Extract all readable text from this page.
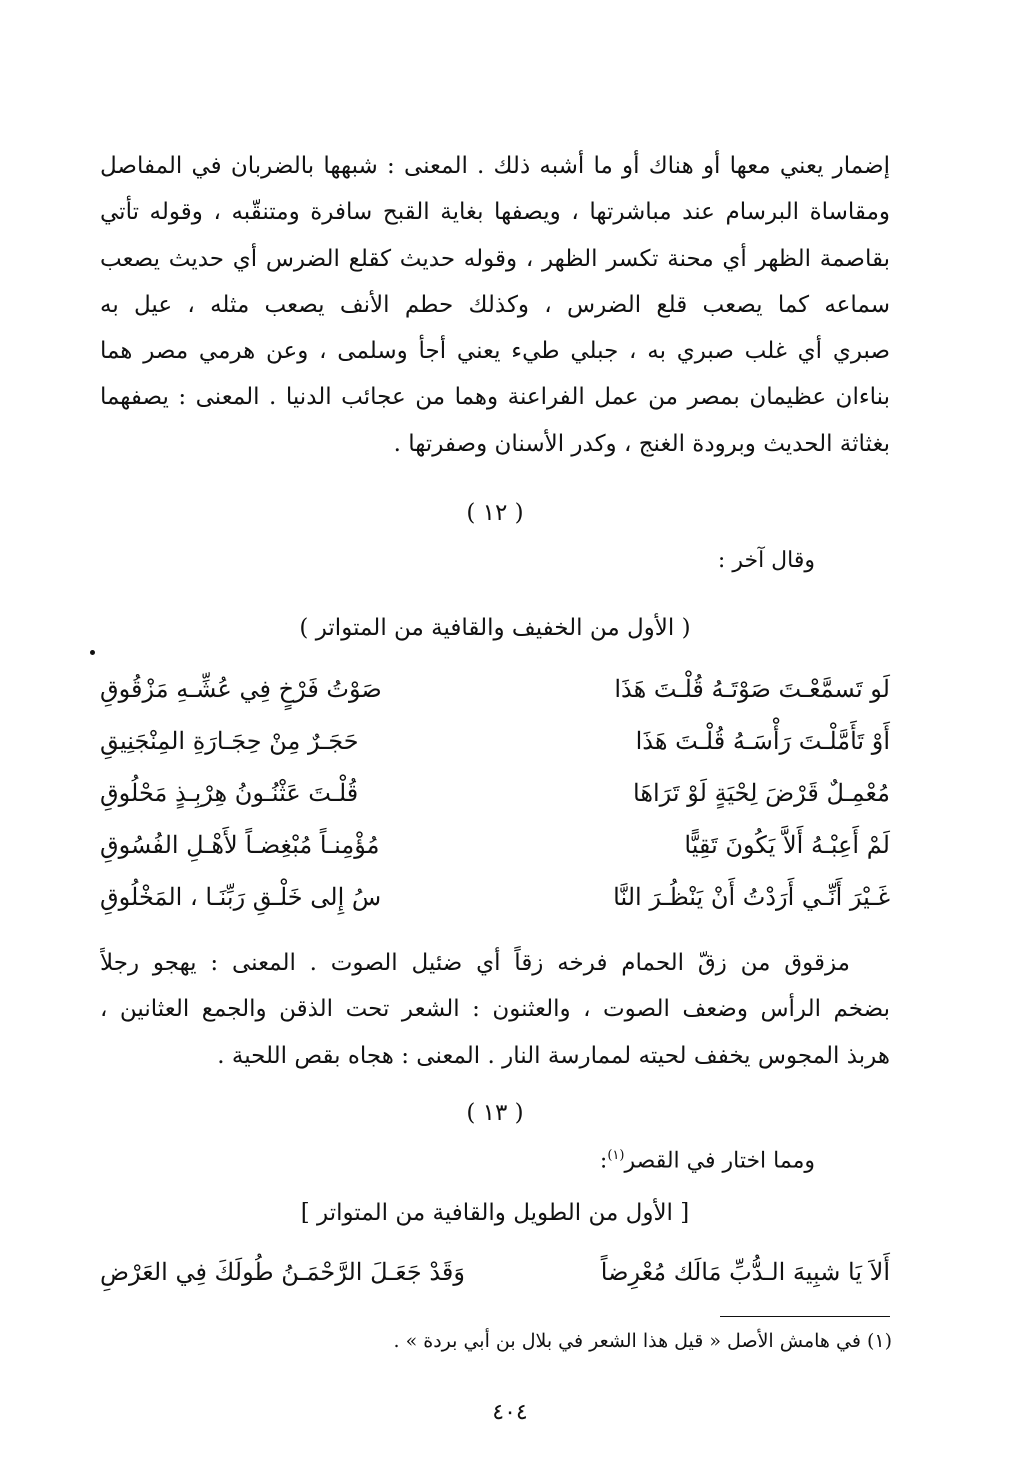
إضمار يعني معها أو هناك أو ما أشبه ذلك . المعنى : شبهها بالضربان في المفاصل
ومقاساة البرسام عند مباشرتها ، ويصفها بغاية القبح سافرة ومتنقّبه ، وقوله تأتي
بقاصمة الظهر أي محنة تكسر الظهر ، وقوله حديث كقلع الضرس أي حديث يصعب
سماعه كما يصعب قلع الضرس ، وكذلك حطم الأنف يصعب مثله ، عيل به
صبري أي غلب صبري به ، جبلي طيء يعني أجأ وسلمى ، وعن هرمي مصر هما
بناءان عظيمان بمصر من عمل الفراعنة وهما من عجائب الدنيا . المعنى : يصفهما
بغثاثة الحديث وبرودة الغنج ، وكدر الأسنان وصفرتها .
( ١٢ )
وقال آخر :
( الأول من الخفيف والقافية من المتواتر )
لَو تَسمَّعْـتَ صَوْتَـهُ قُلْـتَ هَذَا
صَوْتُ فَرْخٍ فِي عُشِّـهِ مَزْقُوقِ
أَوْ تَأَمَّلْـتَ رَأْسَـهُ قُلْـتَ هَذَا
حَجَـرٌ مِنْ حِجَـارَةِ المِنْجَنِيقِ
مُعْمِـلٌ قَرْضَ لِحْيَةٍ لَوْ تَرَاهَا
قُلْـتَ عَثْنُـونُ هِرْبِـذٍ مَحْلُوقِ
لَمْ أَعِبْـهُ أَلاَّ يَكُونَ تَقِيًّا
مُؤْمِنـاً مُبْغِضـاً لأَهْـلِ الفُسُوقِ
غَـيْرَ أَنِّـي أَرَدْتُ أَنْ يَنْظُـرَ النَّا
سُ إِلى خَلْـقِ رَبِّنَـا ، المَخْلُوقِ
مزقوق من زقّ الحمام فرخه زقاً أي ضئيل الصوت . المعنى : يهجو رجلاً
بضخم الرأس وضعف الصوت ، والعثنون : الشعر تحت الذقن والجمع العثانين ،
هربذ المجوس يخفف لحيته لممارسة النار . المعنى : هجاه بقص اللحية .
( ١٣ )
ومما اختار في القصر$^{(١)}$:
[ الأول من الطويل والقافية من المتواتر ]
أَلاَ يَا شبِيهَ الـدُّبِّ مَالَك مُعْرِضاً
وَقَدْ جَعَـلَ الرَّحْمَـنُ طُولَكَ فِي العَرْضِ
(١) في هامش الأصل « قيل هذا الشعر في بلال بن أبي بردة » .
٤٠٤
